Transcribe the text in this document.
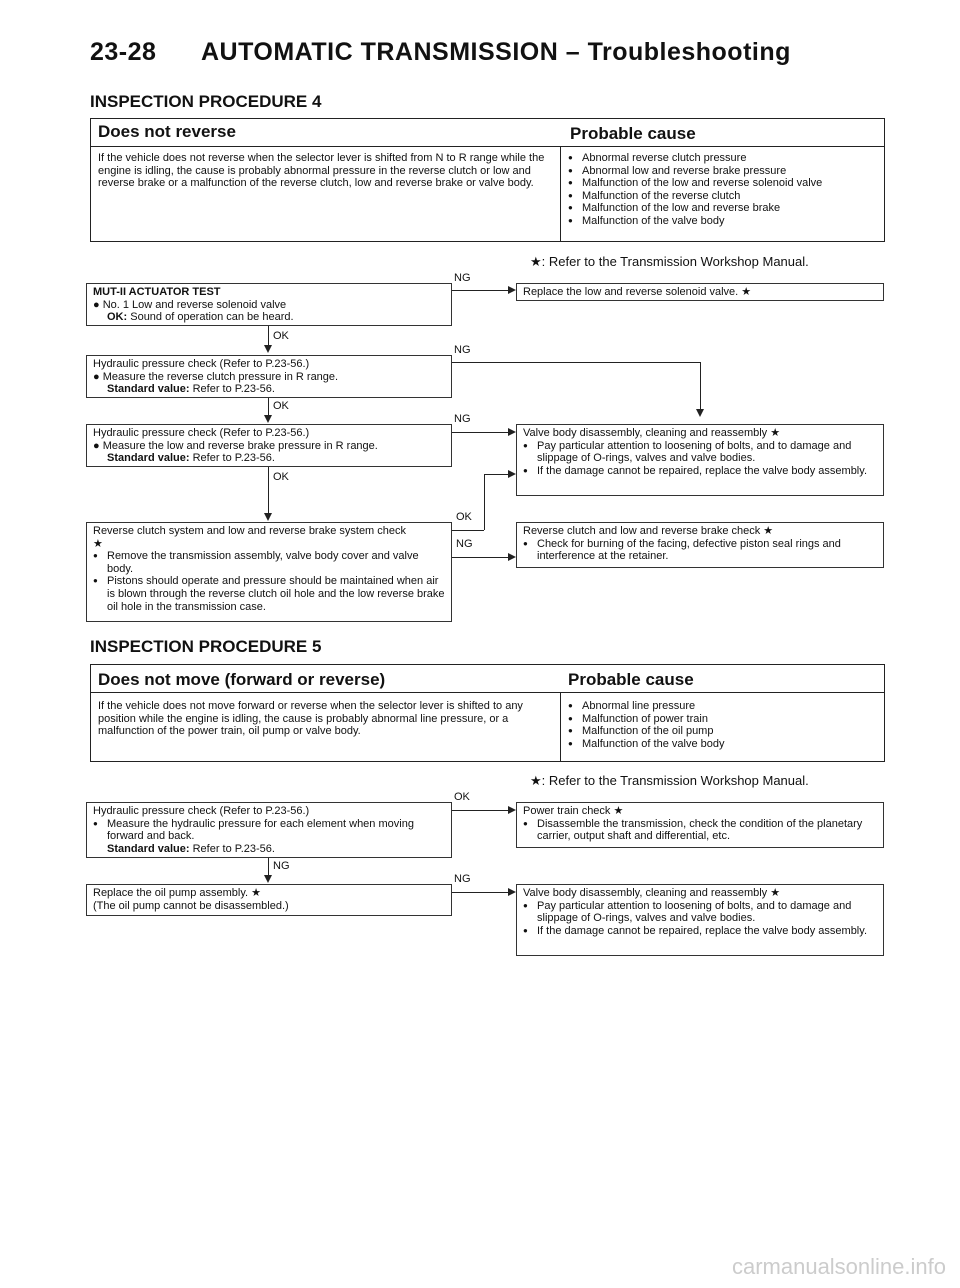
23-28 AUTOMATIC TRANSMISSION – Troubleshooting
INSPECTION PROCEDURE 4
Does not reverse	Probable cause
If the vehicle does not reverse when the selector lever is shifted from N to R range while the engine is idling, the cause is probably abnormal pressure in the reverse clutch or low and reverse brake or a malfunction of the reverse clutch, low and reverse brake or valve body.
● Abnormal reverse clutch pressure
● Abnormal low and reverse brake pressure
● Malfunction of the low and reverse solenoid valve
● Malfunction of the reverse clutch
● Malfunction of the low and reverse brake
● Malfunction of the valve body
★: Refer to the Transmission Workshop Manual.
MUT-II ACTUATOR TEST
● No. 1 Low and reverse solenoid valve
OK: Sound of operation can be heard.
NG
Replace the low and reverse solenoid valve. ★
OK
Hydraulic pressure check (Refer to P.23-56.)
● Measure the reverse clutch pressure in R range.
Standard value: Refer to P.23-56.
NG
OK
Hydraulic pressure check (Refer to P.23-56.)
● Measure the low and reverse brake pressure in R range.
Standard value: Refer to P.23-56.
NG
Valve body disassembly, cleaning and reassembly ★
● Pay particular attention to loosening of bolts, and to damage and slippage of O-rings, valves and valve bodies.
● If the damage cannot be repaired, replace the valve body assembly.
OK
Reverse clutch system and low and reverse brake system check
★
● Remove the transmission assembly, valve body cover and valve body.
● Pistons should operate and pressure should be maintained when air is blown through the reverse clutch oil hole and the low reverse brake oil hole in the transmission case.
OK
NG
Reverse clutch and low and reverse brake check ★
● Check for burning of the facing, defective piston seal rings and interference at the retainer.
INSPECTION PROCEDURE 5
Does not move (forward or reverse)	Probable cause
If the vehicle does not move forward or reverse when the selector lever is shifted to any position while the engine is idling, the cause is probably abnormal line pressure, or a malfunction of the power train, oil pump or valve body.
● Abnormal line pressure
● Malfunction of power train
● Malfunction of the oil pump
● Malfunction of the valve body
★: Refer to the Transmission Workshop Manual.
Hydraulic pressure check (Refer to P.23-56.)
● Measure the hydraulic pressure for each element when moving forward and back.
Standard value: Refer to P.23-56.
OK
Power train check ★
● Disassemble the transmission, check the condition of the planetary carrier, output shaft and differential, etc.
NG
Replace the oil pump assembly. ★
(The oil pump cannot be disassembled.)
NG
Valve body disassembly, cleaning and reassembly ★
● Pay particular attention to loosening of bolts, and to damage and slippage of O-rings, valves and valve bodies.
● If the damage cannot be repaired, replace the valve body assembly.
carmanualsonline.info
